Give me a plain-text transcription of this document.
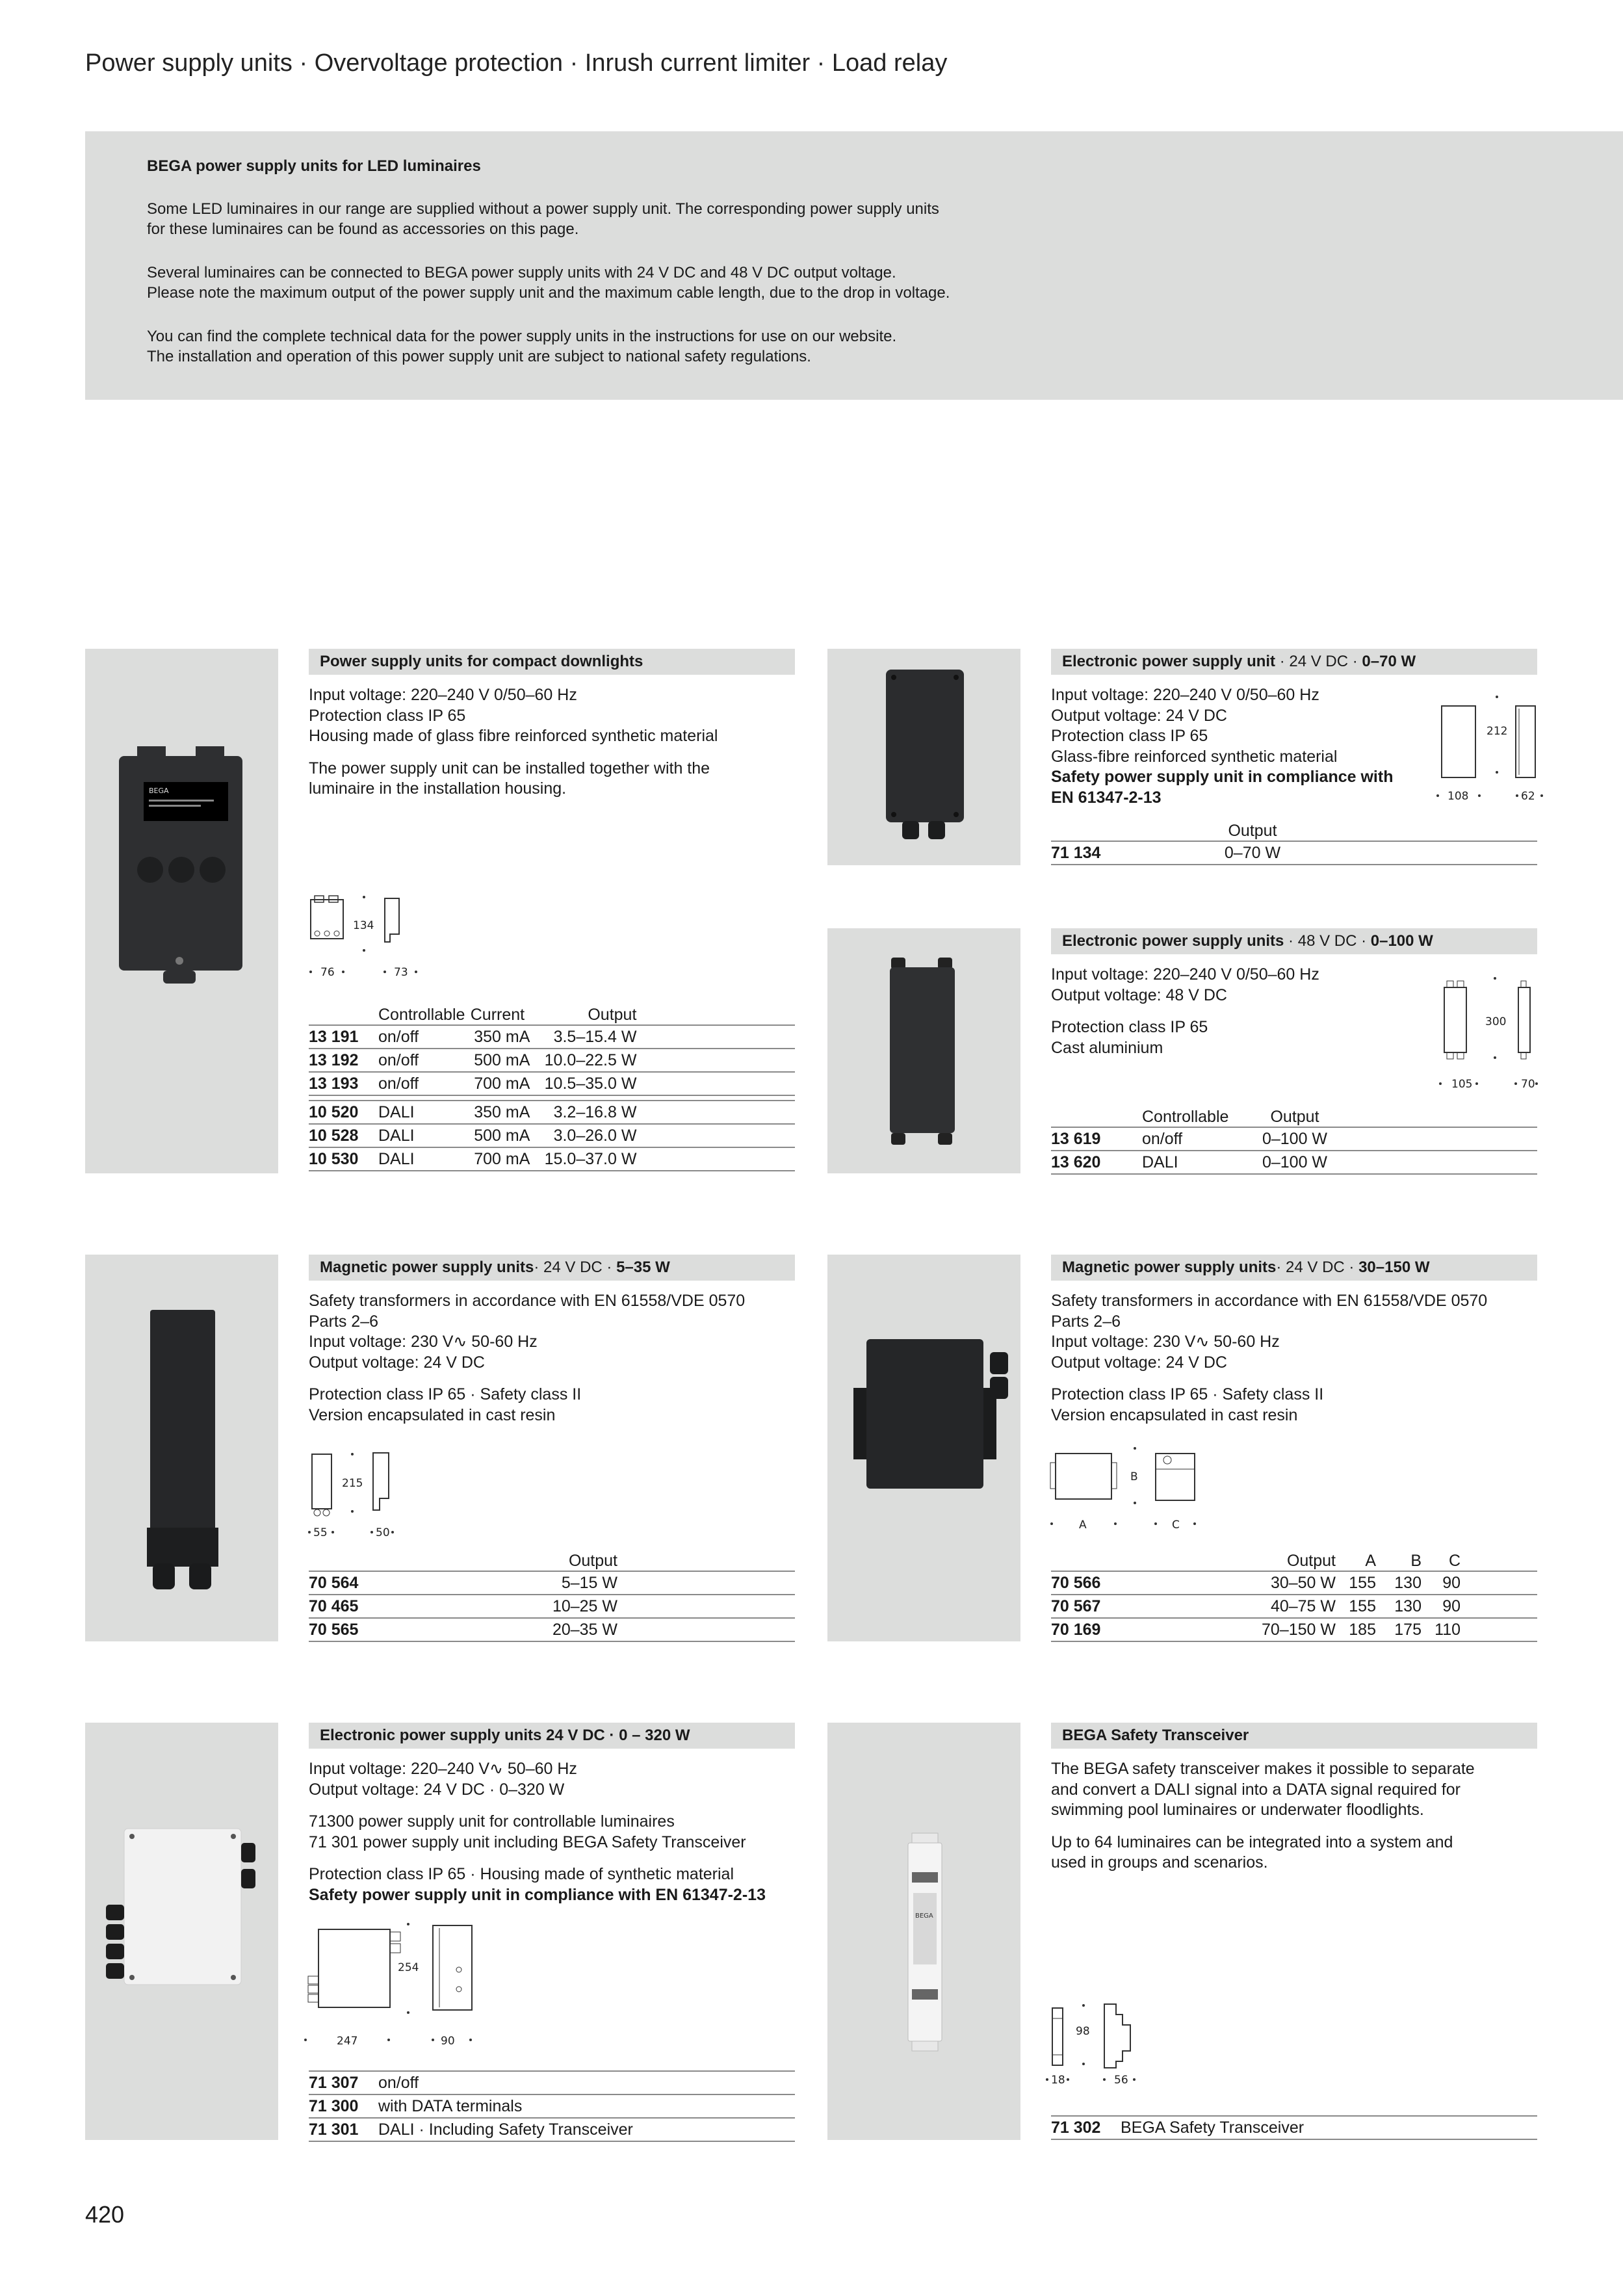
Power supply units · Overvoltage protection · Inrush current limiter · Load relay
BEGA power supply units for LED luminaires
Some LED luminaires in our range are supplied without a power supply unit. The corresponding power supply units
for these luminaires can be found as accessories on this page.
Several luminaires can be connected to BEGA power supply units with 24 V DC and 48 V DC output voltage.
Please note the maximum output of the power supply unit and the maximum cable length, due to the drop in voltage.
You can find the complete technical data for the power supply units in the instructions for use on our website.
The installation and operation of this power supply unit are subject to national safety regulations.
BEGA
Power supply units for compact downlights
Input voltage: 220–240 V 0/50–60 Hz
Protection class IP 65
Housing made of glass fibre reinforced synthetic material
The power supply unit can be installed together with the
luminaire in the installation housing.
134
76	73
	Controllable	Current	Output	
13 191	on/off	350 mA	3.5–15.4 W	
13 192	on/off	500 mA	10.0–22.5 W	
13 193	on/off	700 mA	10.5–35.0 W	

10 520	DALI	350 mA	3.2–16.8 W	
10 528	DALI	500 mA	3.0–26.0 W	
10 530	DALI	700 mA	15.0–37.0 W	
Electronic power supply unit · 24 V DC · 0–70 W
Input voltage: 220–240 V 0/50–60 Hz
Output voltage: 24 V DC
Protection class IP 65
Glass-fibre reinforced synthetic material
Safety power supply unit in compliance with
EN 61347-2-13
212
108	62
	Output	
71 134	0–70 W	
Electronic power supply units · 48 V DC · 0–100 W
Input voltage: 220–240 V 0/50–60 Hz
Output voltage: 48 V DC
Protection class IP 65
Cast aluminium
300
105	70
	Controllable	Output	
13 619	on/off	0–100 W	
13 620	DALI	0–100 W	
Magnetic power supply units · 24 V DC · 5–35 W
Safety transformers in accordance with EN 61558/VDE 0570
Parts 2–6
Input voltage: 230 V∿ 50-60 Hz
Output voltage: 24 V DC
Protection class IP 65 · Safety class II
Version encapsulated in cast resin
215
55	50
	Output	
70 564	5–15 W	
70 465	10–25 W	
70 565	20–35 W	
Magnetic power supply units · 24 V DC · 30–150 W
Safety transformers in accordance with EN 61558/VDE 0570
Parts 2–6
Input voltage: 230 V∿ 50-60 Hz
Output voltage: 24 V DC
Protection class IP 65 · Safety class II
Version encapsulated in cast resin
B
A	C
	Output	A	B	C	
70 566	30–50 W	155	130	90	
70 567	40–75 W	155	130	90	
70 169	70–150 W	185	175	110	
Electronic power supply units 24 V DC · 0 – 320 W
Input voltage: 220–240 V∿ 50–60 Hz
Output voltage: 24 V DC · 0–320 W
71300 power supply unit for controllable luminaires
71 301 power supply unit including BEGA Safety Transceiver
Protection class IP 65 · Housing made of synthetic material
Safety power supply unit in compliance with EN 61347-2-13
254
247	90
71 307	on/off
71 300	with DATA terminals
71 301	DALI · Including Safety Transceiver
BEGA
BEGA Safety Transceiver
The BEGA safety transceiver makes it possible to separate
and convert a DALI signal into a DATA signal required for
swimming pool luminaires or underwater floodlights.
Up to 64 luminaires can be integrated into a system and
used in groups and scenarios.
98
18	56
71 302	BEGA Safety Transceiver
420
